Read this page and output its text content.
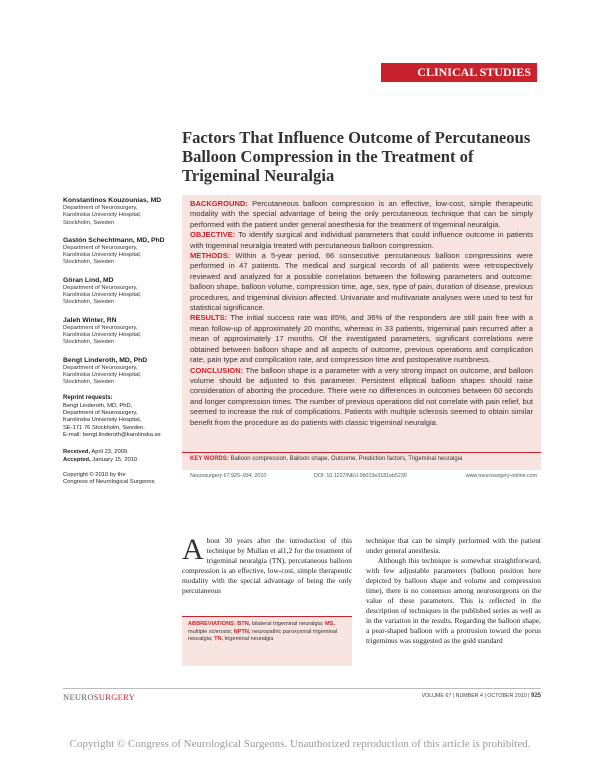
CLINICAL STUDIES
Factors That Influence Outcome of Percutaneous Balloon Compression in the Treatment of Trigeminal Neuralgia
Konstantinos Kouzounias, MD
Department of Neurosurgery,
Karolinska University Hospital,
Stockholm, Sweden
Gastón Schechtmann, MD, PhD
Department of Neurosurgery,
Karolinska University Hospital,
Stockholm, Sweden
Göran Lind, MD
Department of Neurosurgery,
Karolinska University Hospital,
Stockholm, Sweden
Jaleh Winter, RN
Department of Neurosurgery,
Karolinska University Hospital,
Stockholm, Sweden
Bengt Linderoth, MD, PhD
Department of Neurosurgery,
Karolinska University Hospital,
Stockholm, Sweden
Reprint requests:
Bengt Linderoth, MD, PhD,
Department of Neurosurgery,
Karolinska University Hospital,
SE-171 76 Stockholm, Sweden.
E-mail: bengt.linderoth@karolinska.se
Received, April 23, 2009.
Accepted, January 15, 2010.
Copyright © 2010 by the
Congress of Neurological Surgeons

BACKGROUND: Percutaneous balloon compression is an effective, low-cost, simple therapeutic modality with the special advantage of being the only percutaneous technique that can be simply performed with the patient under general anesthesia for the treatment of trigeminal neuralgia.

OBJECTIVE: To identify surgical and individual parameters that could influence outcome in patients with trigeminal neuralgia treated with percutaneous balloon compression.

METHODS: Within a 5-year period, 66 consecutive percutaneous balloon compressions were performed in 47 patients. The medical and surgical records of all patients were retrospectively reviewed and analyzed for a possible correlation between the following parameters and outcome: balloon shape, balloon volume, compression time, age, sex, type of pain, duration of disease, previous procedures, and trigeminal division affected. Univariate and multivariate analyses were used to test for statistical significance.

RESULTS: The initial success rate was 85%, and 36% of the responders are still pain free with a mean follow-up of approximately 20 months, whereas in 33 patients, trigeminal pain recurred after a mean of approximately 17 months. Of the investigated parameters, significant correlations were obtained between balloon shape and all aspects of outcome, previous operations and complication rate, pain type and complication rate, and compression time and postoperative numbness.

CONCLUSION: The balloon shape is a parameter with a very strong impact on outcome, and balloon volume should be adjusted to this parameter. Persistent elliptical balloon shapes should raise consideration of aborting the procedure. There were no differences in outcomes between 60 seconds and longer compression times. The number of previous operations did not correlate with pain relief, but seemed to increase the risk of complications. Patients with multiple sclerosis seemed to obtain similar benefit from the procedure as do patients with classic trigeminal neuralgia.

KEY WORDS: Balloon compression, Balloon shape, Outcome, Prediction factors, Trigeminal neuralgia
Neurosurgery 67:925–934, 2010	DOI: 10.1227/NEU.0b013e3181eb5230	www.neurosurgery-online.com

About 30 years after the introduction of this technique by Mullan et al1,2 for the treatment of trigeminal neuralgia (TN), percutaneous balloon compression is an effective, low-cost, simple therapeutic modality with the special advantage of being the only percutaneous

ABBREVIATIONS: BTN, bilateral trigeminal neuralgia; MS, multiple sclerosis; NPTN, neuropathic paroxysmal trigeminal neuralgia; TN, trigeminal neuralgia

technique that can be simply performed with the patient under general anesthesia.

Although this technique is somewhat straightforward, with few adjustable parameters (balloon position here depicted by balloon shape and volume and compression time), there is no consensus among neurosurgeons on the value of these parameters. This is reflected in the description of techniques in the published series as well as in the variation in the results. Regarding the balloon shape, a pear-shaped balloon with a protrusion toward the porus trigeminus was suggested as the gold standard

NEUROSURGERY	VOLUME 67 | NUMBER 4 | OCTOBER 2010 | 925
Copyright © Congress of Neurological Surgeons. Unauthorized reproduction of this article is prohibited.
